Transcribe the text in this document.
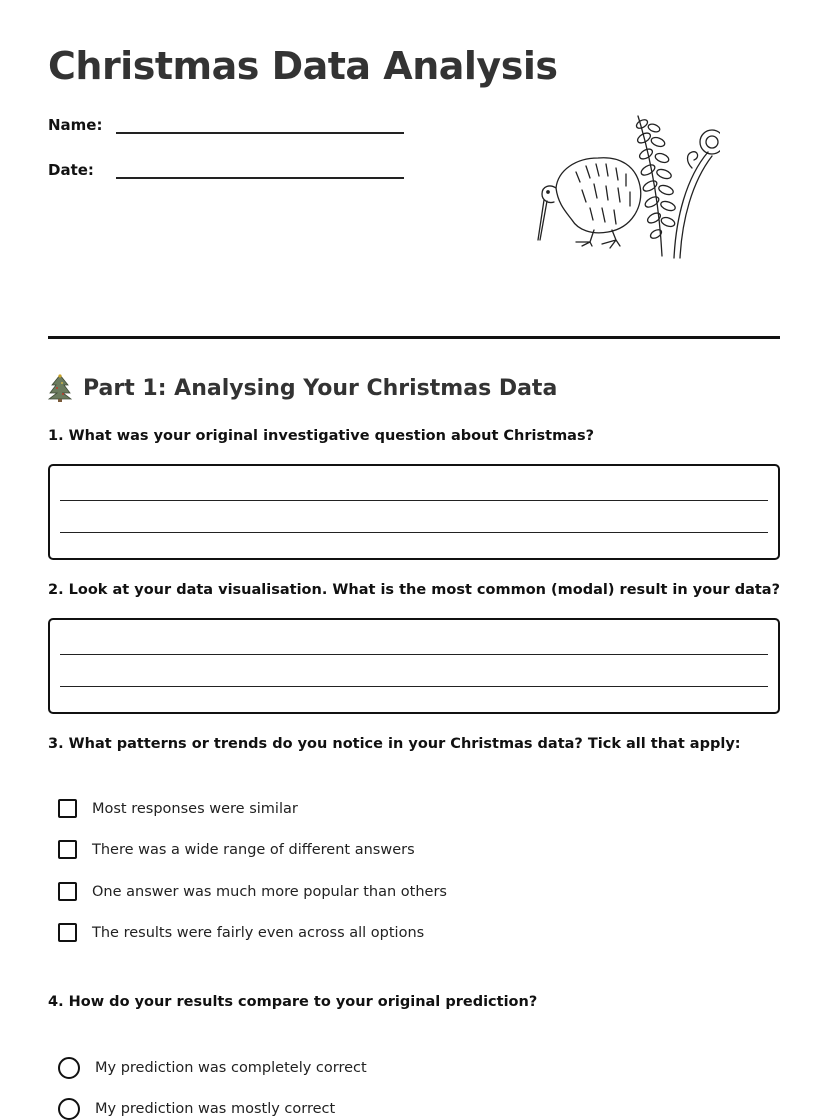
Christmas Data Analysis
Name:
Date:
Part 1: Analysing Your Christmas Data

1. What was your original investigative question about Christmas?

2. Look at your data visualisation. What is the most common (modal) result in your data?

3. What patterns or trends do you notice in your Christmas data? Tick all that apply:

Most responses were similar
There was a wide range of different answers
One answer was much more popular than others
The results were fairly even across all options

4. How do your results compare to your original prediction?

My prediction was completely correct
My prediction was mostly correct
